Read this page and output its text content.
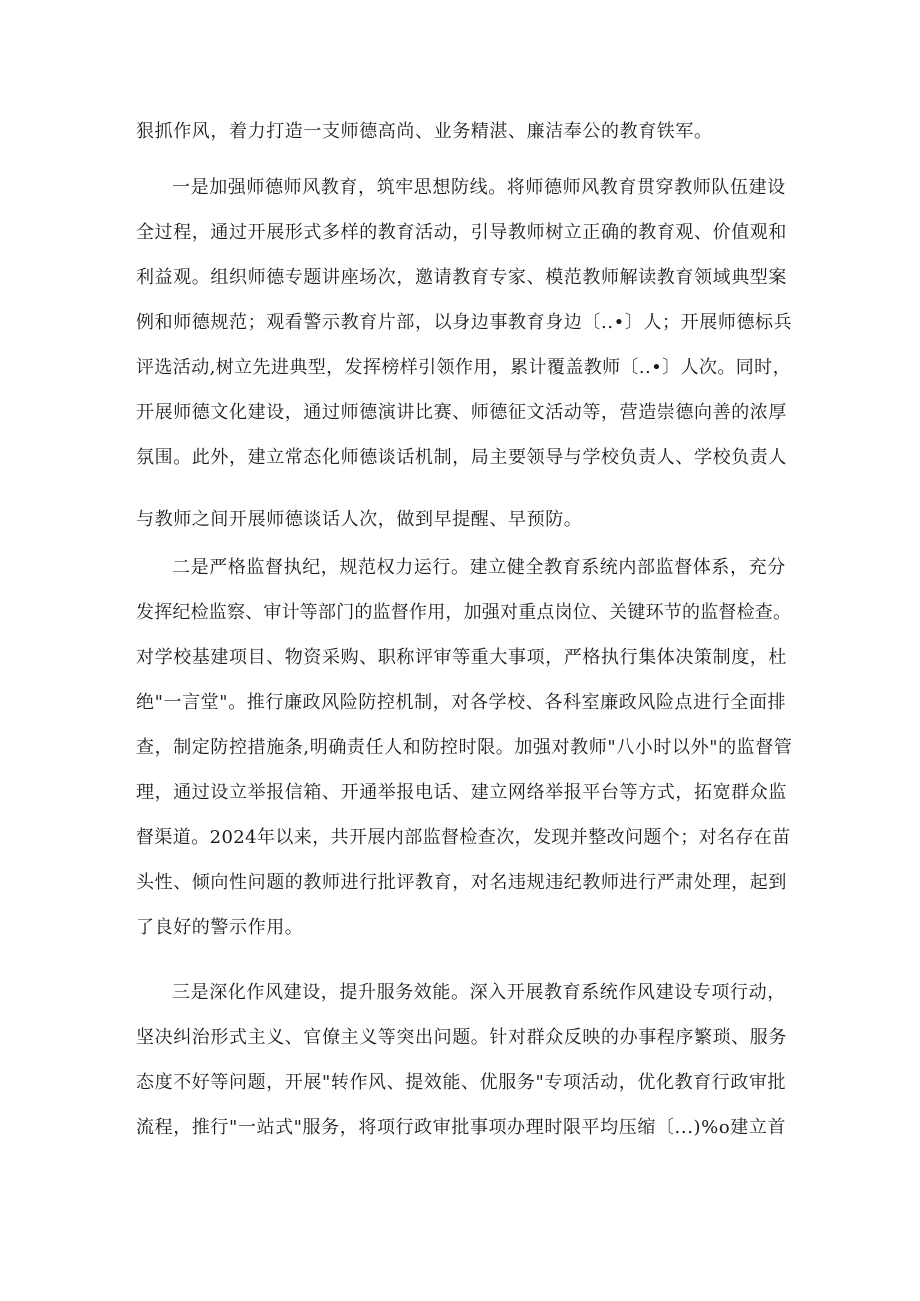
狠抓作风，着力打造一支师德高尚、业务精湛、廉洁奉公的教育铁军。
一是加强师德师风教育，筑牢思想防线。将师德师风教育贯穿教师队伍建设
全过程，通过开展形式多样的教育活动，引导教师树立正确的教育观、价值观和
利益观。组织师德专题讲座场次，邀请教育专家、模范教师解读教育领域典型案
例和师德规范；观看警示教育片部，以身边事教育身边〔..•〕人；开展师德标兵
评选活动,树立先进典型，发挥榜样引领作用，累计覆盖教师〔..•〕人次。同时，
开展师德文化建设，通过师德演讲比赛、师德征文活动等，营造崇德向善的浓厚
氛围。此外，建立常态化师德谈话机制，局主要领导与学校负责人、学校负责人
与教师之间开展师德谈话人次，做到早提醒、早预防。
二是严格监督执纪，规范权力运行。建立健全教育系统内部监督体系，充分
发挥纪检监察、审计等部门的监督作用，加强对重点岗位、关键环节的监督检查。
对学校基建项目、物资采购、职称评审等重大事项，严格执行集体决策制度，杜
绝"一言堂"。推行廉政风险防控机制，对各学校、各科室廉政风险点进行全面排
查，制定防控措施条,明确责任人和防控时限。加强对教师"八小时以外"的监督管
理，通过设立举报信箱、开通举报电话、建立网络举报平台等方式，拓宽群众监
督渠道。2024年以来，共开展内部监督检查次，发现并整改问题个；对名存在苗
头性、倾向性问题的教师进行批评教育，对名违规违纪教师进行严肃处理，起到
了良好的警示作用。
三是深化作风建设，提升服务效能。深入开展教育系统作风建设专项行动，
坚决纠治形式主义、官僚主义等突出问题。针对群众反映的办事程序繁琐、服务
态度不好等问题，开展"转作风、提效能、优服务"专项活动，优化教育行政审批
流程，推行"一站式"服务，将项行政审批事项办理时限平均压缩〔...)%o建立首
